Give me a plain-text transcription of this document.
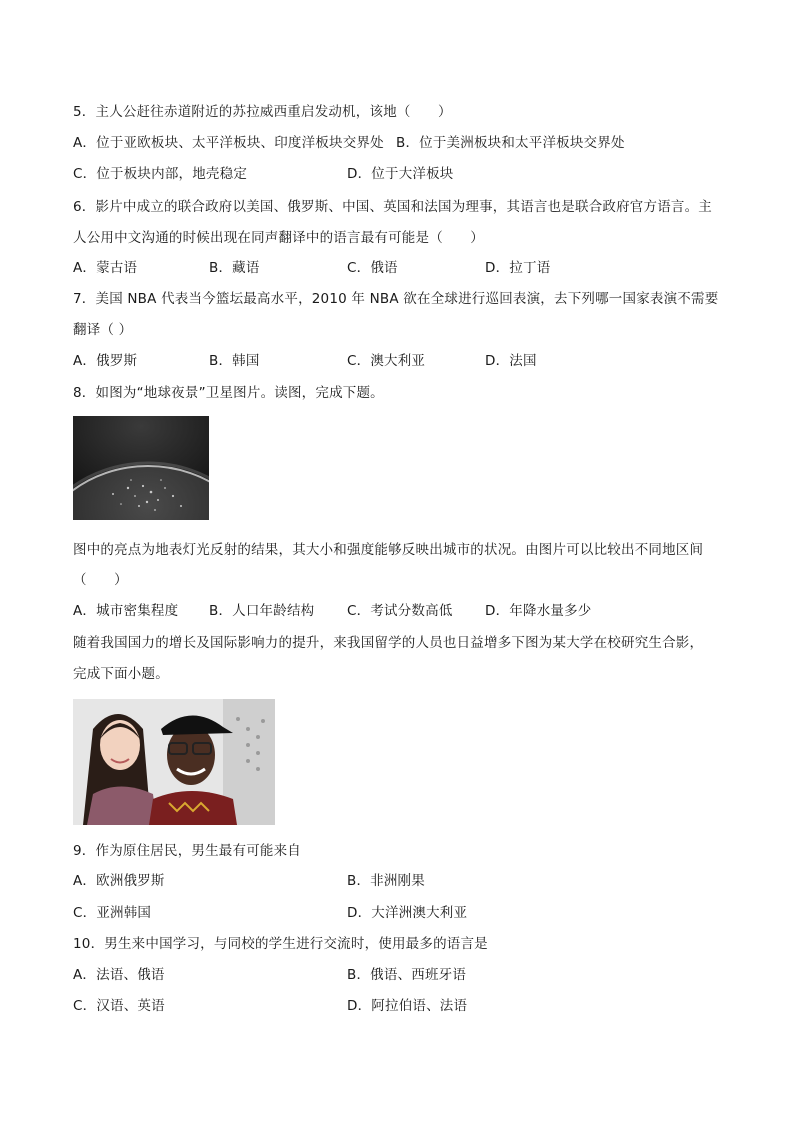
5．主人公赶往赤道附近的苏拉威西重启发动机，该地（　　）
A．位于亚欧板块、太平洋板块、印度洋板块交界处 B．位于美洲板块和太平洋板块交界处
C．位于板块内部，地壳稳定	D．位于大洋板块
6．影片中成立的联合政府以美国、俄罗斯、中国、英国和法国为理事，其语言也是联合政府官方语言。主
人公用中文沟通的时候出现在同声翻译中的语言最有可能是（　　）
A．蒙古语	B．藏语	C．俄语	D．拉丁语
7．美国 NBA 代表当今篮坛最高水平，2010 年 NBA 欲在全球进行巡回表演，去下列哪一国家表演不需要
翻译（ ）
A．俄罗斯	B．韩国	C．澳大利亚	D．法国
8．如图为“地球夜景”卫星图片。读图，完成下题。
图中的亮点为地表灯光反射的结果，其大小和强度能够反映出城市的状况。由图片可以比较出不同地区间
（　　）
A．城市密集程度 B．人口年龄结构 C．考试分数高低 D．年降水量多少
随着我国国力的增长及国际影响力的提升，来我国留学的人员也日益增多下图为某大学在校研究生合影，
完成下面小题。
9．作为原住居民，男生最有可能来自
A．欧洲俄罗斯	B．非洲刚果
C．亚洲韩国	D．大洋洲澳大利亚
10．男生来中国学习，与同校的学生进行交流时，使用最多的语言是
A．法语、俄语	B．俄语、西班牙语
C．汉语、英语	D．阿拉伯语、法语
